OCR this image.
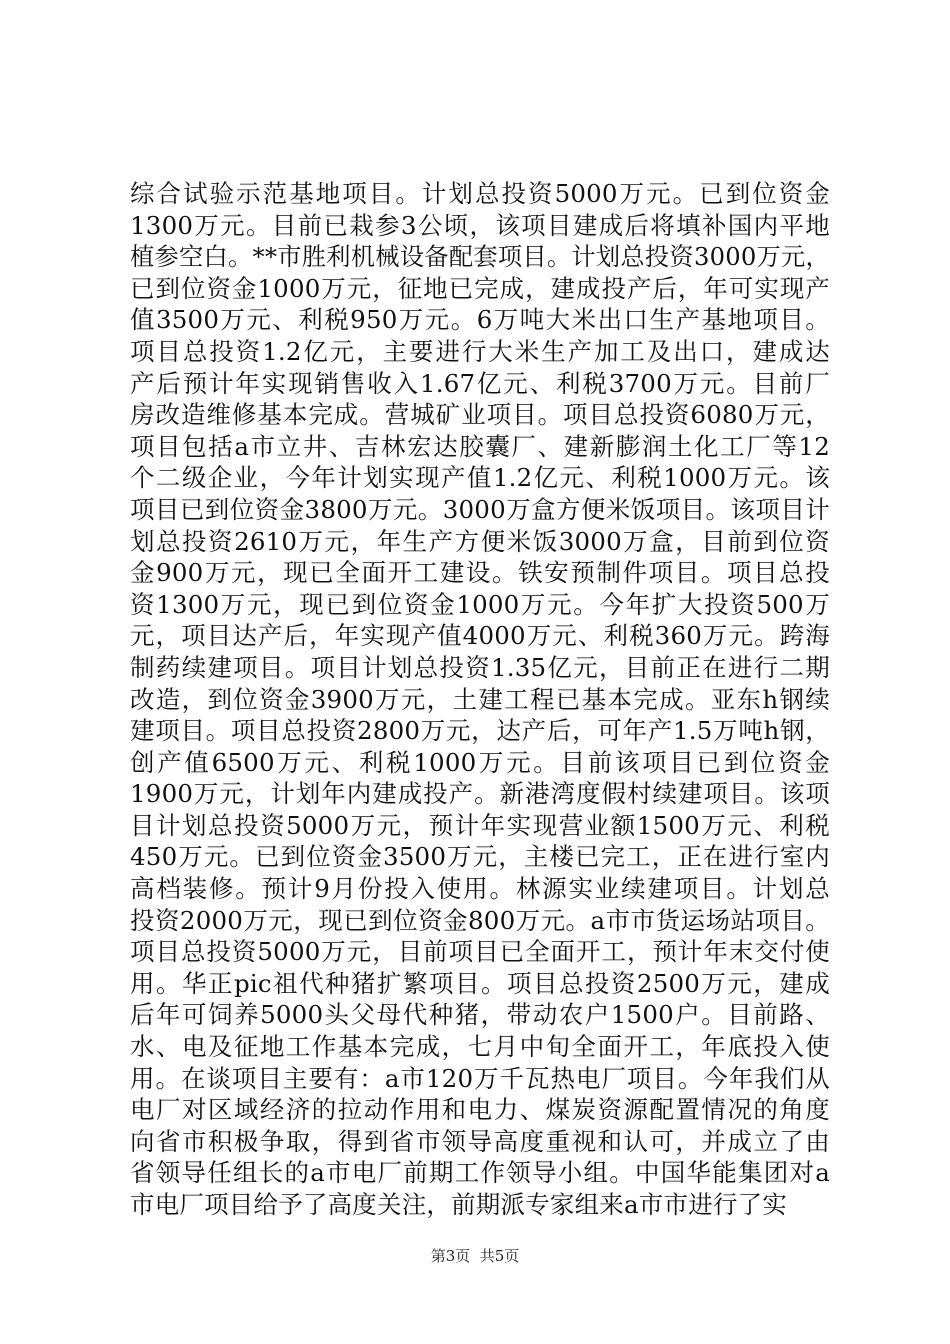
综合试验示范基地项目。计划总投资5000万元。已到位资金
1300万元。目前已栽参3公顷，该项目建成后将填补国内平地
植参空白。**市胜利机械设备配套项目。计划总投资3000万元，
已到位资金1000万元，征地已完成，建成投产后，年可实现产
值3500万元、利税950万元。6万吨大米出口生产基地项目。
项目总投资1.2亿元，主要进行大米生产加工及出口，建成达
产后预计年实现销售收入1.67亿元、利税3700万元。目前厂
房改造维修基本完成。营城矿业项目。项目总投资6080万元，
项目包括a市立井、吉林宏达胶囊厂、建新膨润土化工厂等12
个二级企业，今年计划实现产值1.2亿元、利税1000万元。该
项目已到位资金3800万元。3000万盒方便米饭项目。该项目计
划总投资2610万元，年生产方便米饭3000万盒，目前到位资
金900万元，现已全面开工建设。铁安预制件项目。项目总投
资1300万元，现已到位资金1000万元。今年扩大投资500万
元，项目达产后，年实现产值4000万元、利税360万元。跨海
制药续建项目。项目计划总投资1.35亿元，目前正在进行二期
改造，到位资金3900万元，土建工程已基本完成。亚东h钢续
建项目。项目总投资2800万元，达产后，可年产1.5万吨h钢，
创产值6500万元、利税1000万元。目前该项目已到位资金
1900万元，计划年内建成投产。新港湾度假村续建项目。该项
目计划总投资5000万元，预计年实现营业额1500万元、利税
450万元。已到位资金3500万元，主楼已完工，正在进行室内
高档装修。预计9月份投入使用。林源实业续建项目。计划总
投资2000万元，现已到位资金800万元。a市市货运场站项目。
项目总投资5000万元，目前项目已全面开工，预计年末交付使
用。华正pic祖代种猪扩繁项目。项目总投资2500万元，建成
后年可饲养5000头父母代种猪，带动农户1500户。目前路、
水、电及征地工作基本完成，七月中旬全面开工，年底投入使
用。在谈项目主要有：a市120万千瓦热电厂项目。今年我们从
电厂对区域经济的拉动作用和电力、煤炭资源配置情况的角度
向省市积极争取，得到省市领导高度重视和认可，并成立了由
省领导任组长的a市电厂前期工作领导小组。中国华能集团对a
市电厂项目给予了高度关注，前期派专家组来a市市进行了实
第3页  共5页
